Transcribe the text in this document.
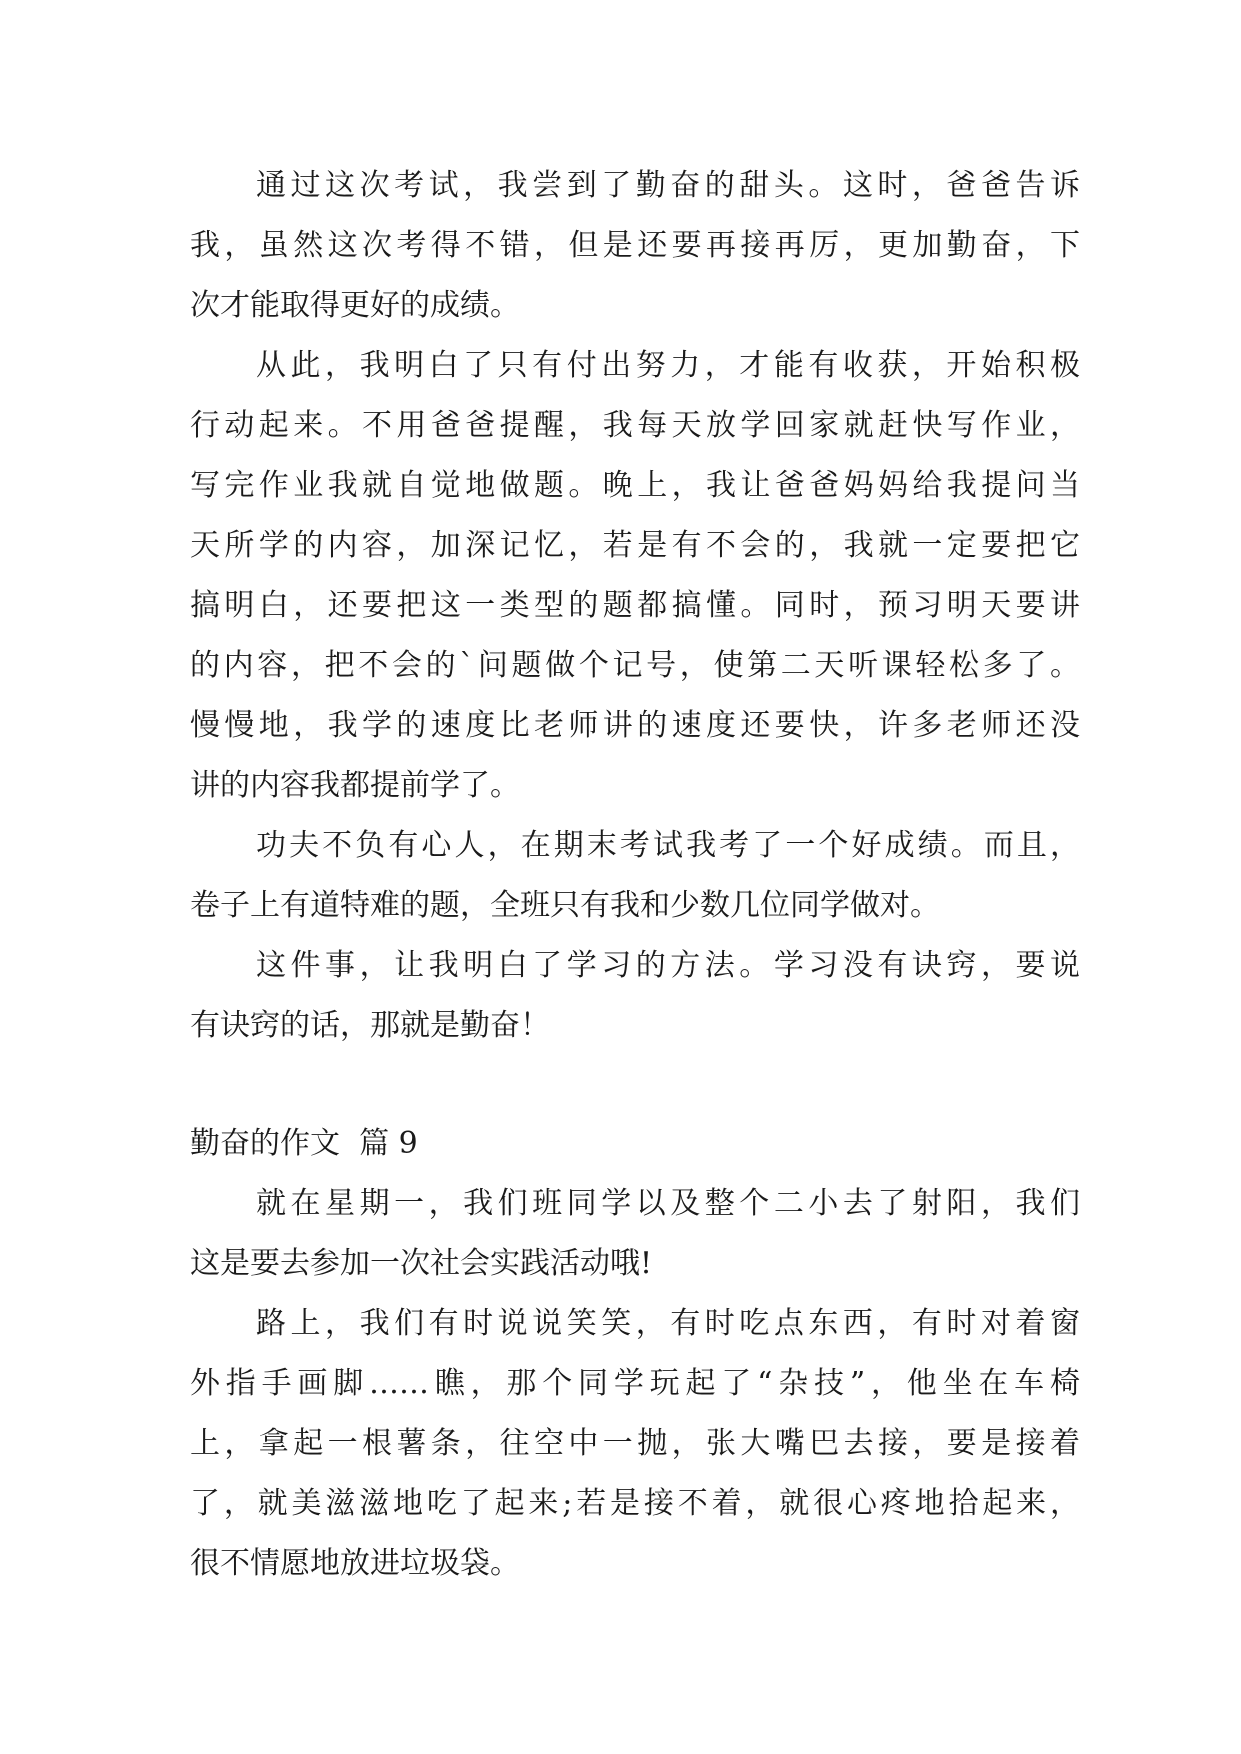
通过这次考试，我尝到了勤奋的甜头。这时，爸爸告诉
我，虽然这次考得不错，但是还要再接再厉，更加勤奋，下
次才能取得更好的成绩。
从此，我明白了只有付出努力，才能有收获，开始积极
行动起来。不用爸爸提醒，我每天放学回家就赶快写作业，
写完作业我就自觉地做题。晚上，我让爸爸妈妈给我提问当
天所学的内容，加深记忆，若是有不会的，我就一定要把它
搞明白，还要把这一类型的题都搞懂。同时，预习明天要讲
的内容，把不会的`问题做个记号，使第二天听课轻松多了。
慢慢地，我学的速度比老师讲的速度还要快，许多老师还没
讲的内容我都提前学了。
功夫不负有心人，在期末考试我考了一个好成绩。而且，
卷子上有道特难的题，全班只有我和少数几位同学做对。
这件事，让我明白了学习的方法。学习没有诀窍，要说
有诀窍的话，那就是勤奋！
勤奋的作文  篇 9
就在星期一，我们班同学以及整个二小去了射阳，我们
这是要去参加一次社会实践活动哦!
路上，我们有时说说笑笑，有时吃点东西，有时对着窗
外指手画脚……瞧，那个同学玩起了“杂技”，他坐在车椅
上，拿起一根薯条，往空中一抛，张大嘴巴去接，要是接着
了，就美滋滋地吃了起来;若是接不着，就很心疼地拾起来，
很不情愿地放进垃圾袋。
